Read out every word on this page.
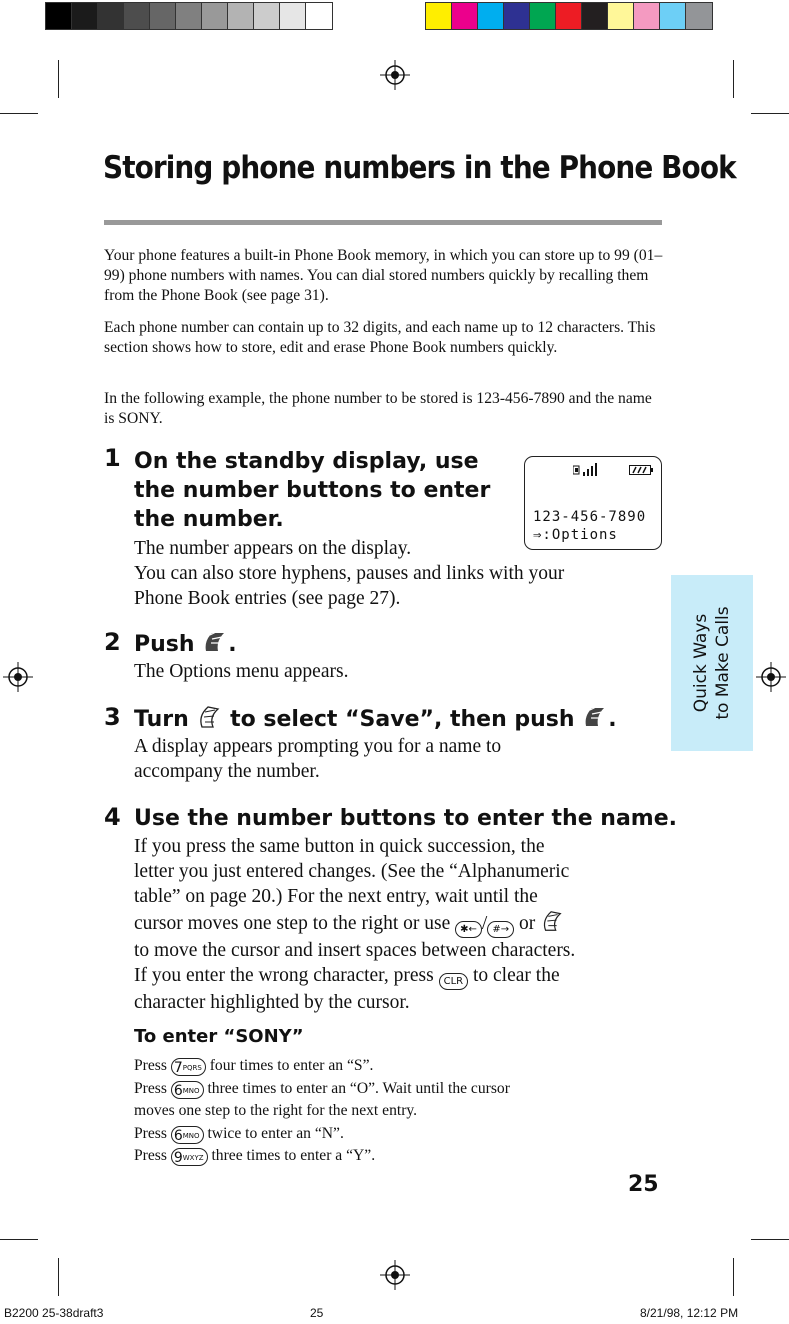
Quick Ways to Make Calls
Storing phone numbers in the Phone Book

Your phone features a built-in Phone Book memory, in which you can store up to 99 (01–99) phone numbers with names. You can dial stored numbers quickly by recalling them from the Phone Book (see page 31).

Each phone number can contain up to 32 digits, and each name up to 12 characters. This section shows how to store, edit and erase Phone Book numbers quickly.

In the following example, the phone number to be stored is 123-456-7890 and the name is SONY.

1 On the standby display, use
the number buttons to enter
the number.
The number appears on the display.
You can also store hyphens, pauses and links with your
Phone Book entries (see page 27).
123-456-7890
⇒:Options
2 Push .
The Options menu appears.
3 Turn to select “Save”, then push .
A display appears prompting you for a name to
accompany the number.
4 Use the number buttons to enter the name.
If you press the same button in quick succession, the
letter you just entered changes. (See the “Alphanumeric
table” on page 20.) For the next entry, wait until the
cursor moves one step to the right or use ✱← / #→ or
to move the cursor and insert spaces between characters.
If you enter the wrong character, press CLR to clear the
character highlighted by the cursor.
To enter “SONY”
Press 7PQRS four times to enter an “S”.
Press 6MNO three times to enter an “O”. Wait until the cursor
moves one step to the right for the next entry.
Press 6MNO twice to enter an “N”.
Press 9WXYZ three times to enter a “Y”.
25
B2200 25-38draft3	25	8/21/98, 12:12 PM
